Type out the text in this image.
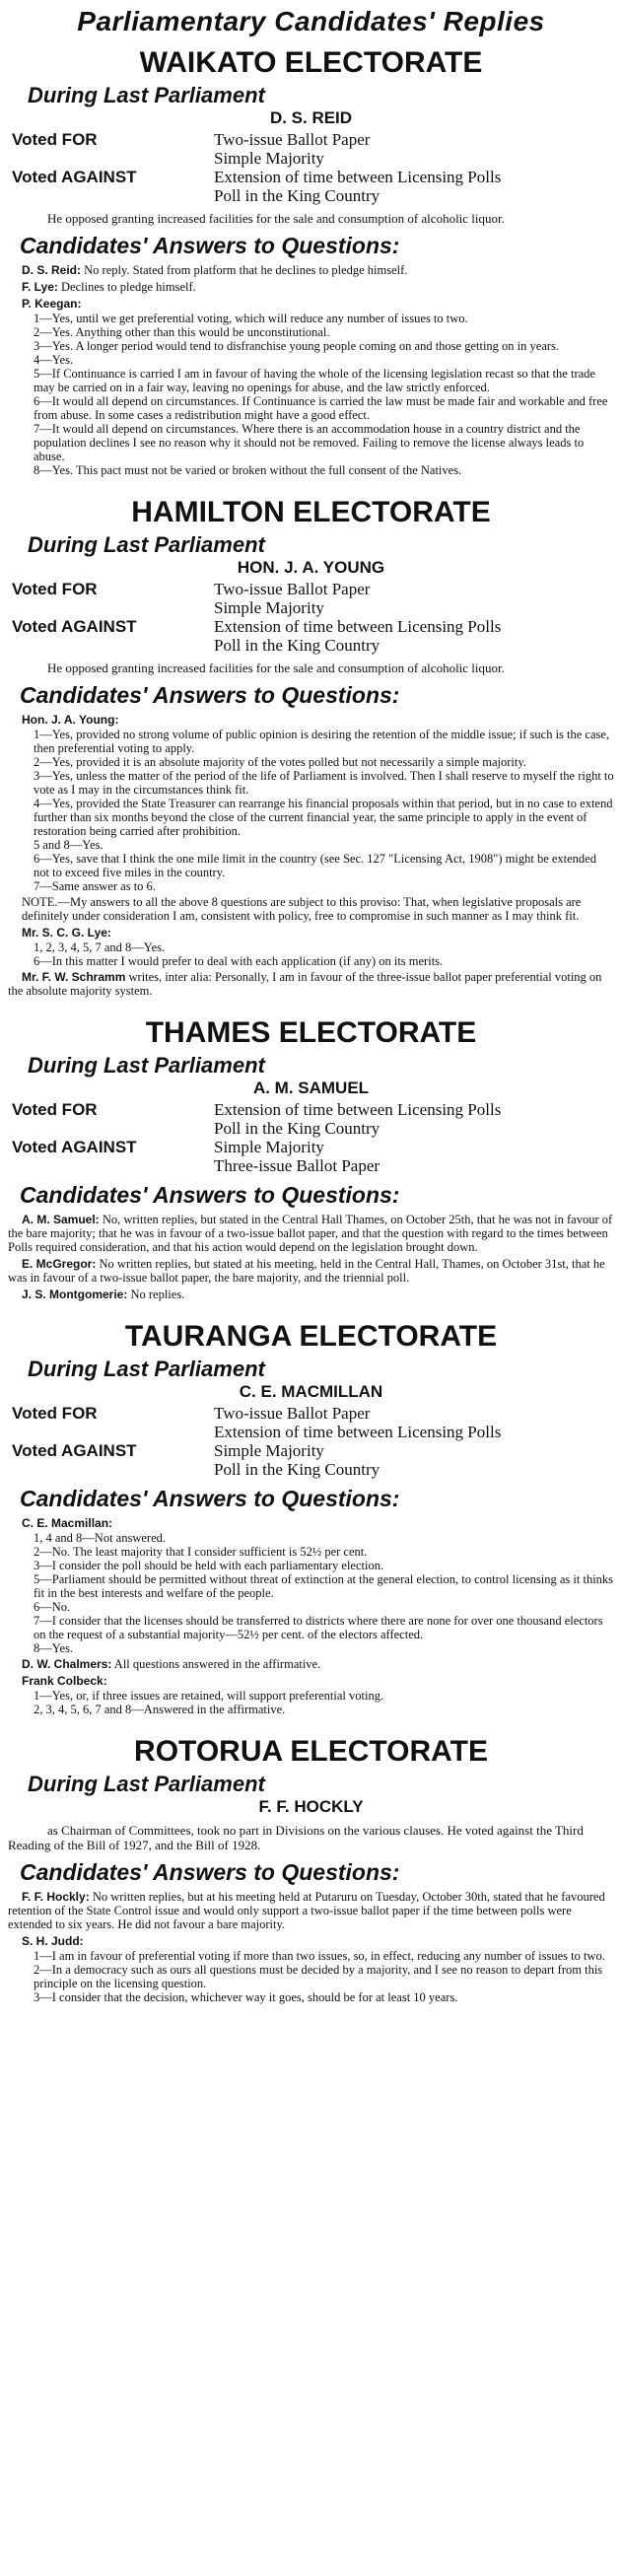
Parliamentary Candidates' Replies
WAIKATO ELECTORATE
During Last Parliament
D. S. REID
Voted FOR	Two-issue Ballot Paper
Simple Majority
Voted AGAINST	Extension of time between Licensing Polls
Poll in the King Country
He opposed granting increased facilities for the sale and consumption of alcoholic liquor.
Candidates' Answers to Questions:
D. S. Reid: No reply. Stated from platform that he declines to pledge himself.
F. Lye: Declines to pledge himself.
P. Keegan:
1—Yes, until we get preferential voting, which will reduce any number of issues to two.
2—Yes. Anything other than this would be unconstitutional.
3—Yes. A longer period would tend to disfranchise young people coming on and those getting on in years.
4—Yes.
5—If Continuance is carried I am in favour of having the whole of the licensing legislation recast so that the trade may be carried on in a fair way, leaving no openings for abuse, and the law strictly enforced.
6—It would all depend on circumstances. If Continuance is carried the law must be made fair and workable and free from abuse. In some cases a redistribution might have a good effect.
7—It would all depend on circumstances. Where there is an accommodation house in a country district and the population declines I see no reason why it should not be removed. Failing to remove the license always leads to abuse.
8—Yes. This pact must not be varied or broken without the full consent of the Natives.
HAMILTON ELECTORATE
During Last Parliament
HON. J. A. YOUNG
Voted FOR	Two-issue Ballot Paper
Simple Majority
Voted AGAINST	Extension of time between Licensing Polls
Poll in the King Country
He opposed granting increased facilities for the sale and consumption of alcoholic liquor.
Candidates' Answers to Questions:
Hon. J. A. Young:
1—Yes, provided no strong volume of public opinion is desiring the retention of the middle issue; if such is the case, then preferential voting to apply.
2—Yes, provided it is an absolute majority of the votes polled but not necessarily a simple majority.
3—Yes, unless the matter of the period of the life of Parliament is involved. Then I shall reserve to myself the right to vote as I may in the circumstances think fit.
4—Yes, provided the State Treasurer can rearrange his financial proposals within that period, but in no case to extend further than six months beyond the close of the current financial year, the same principle to apply in the event of restoration being carried after prohibition.
5 and 8—Yes.
6—Yes, save that I think the one mile limit in the country (see Sec. 127 "Licensing Act, 1908") might be extended not to exceed five miles in the country.
7—Same answer as to 6.
NOTE.—My answers to all the above 8 questions are subject to this proviso: That, when legislative proposals are definitely under consideration I am, consistent with policy, free to compromise in such manner as I may think fit.
Mr. S. C. G. Lye:
1, 2, 3, 4, 5, 7 and 8—Yes.
6—In this matter I would prefer to deal with each application (if any) on its merits.
Mr. F. W. Schramm writes, inter alia: Personally, I am in favour of the three-issue ballot paper preferential voting on the absolute majority system.
THAMES ELECTORATE
During Last Parliament
A. M. SAMUEL
Voted FOR	Extension of time between Licensing Polls
Poll in the King Country
Voted AGAINST	Simple Majority
Three-issue Ballot Paper
Candidates' Answers to Questions:
A. M. Samuel: No, written replies, but stated in the Central Hall Thames, on October 25th, that he was not in favour of the bare majority; that he was in favour of a two-issue ballot paper, and that the question with regard to the times between Polls required consideration, and that his action would depend on the legislation brought down.
E. McGregor: No written replies, but stated at his meeting, held in the Central Hall, Thames, on October 31st, that he was in favour of a two-issue ballot paper, the bare majority, and the triennial poll.
J. S. Montgomerie: No replies.
TAURANGA ELECTORATE
During Last Parliament
C. E. MACMILLAN
Voted FOR	Two-issue Ballot Paper
Extension of time between Licensing Polls
Voted AGAINST	Simple Majority
Poll in the King Country
Candidates' Answers to Questions:
C. E. Macmillan:
1, 4 and 8—Not answered.
2—No. The least majority that I consider sufficient is 52½ per cent.
3—I consider the poll should be held with each parliamentary election.
5—Parliament should be permitted without threat of extinction at the general election, to control licensing as it thinks fit in the best interests and welfare of the people.
6—No.
7—I consider that the licenses should be transferred to districts where there are none for over one thousand electors on the request of a substantial majority—52½ per cent. of the electors affected.
8—Yes.
D. W. Chalmers: All questions answered in the affirmative.
Frank Colbeck:
1—Yes, or, if three issues are retained, will support preferential voting.
2, 3, 4, 5, 6, 7 and 8—Answered in the affirmative.
ROTORUA ELECTORATE
During Last Parliament
F. F. HOCKLY
as Chairman of Committees, took no part in Divisions on the various clauses. He voted against the Third Reading of the Bill of 1927, and the Bill of 1928.
Candidates' Answers to Questions:
F. F. Hockly: No written replies, but at his meeting held at Putaruru on Tuesday, October 30th, stated that he favoured retention of the State Control issue and would only support a two-issue ballot paper if the time between polls were extended to six years. He did not favour a bare majority.
S. H. Judd:
1—I am in favour of preferential voting if more than two issues, so, in effect, reducing any number of issues to two.
2—In a democracy such as ours all questions must be decided by a majority, and I see no reason to depart from this principle on the licensing question.
3—I consider that the decision, whichever way it goes, should be for at least 10 years.
